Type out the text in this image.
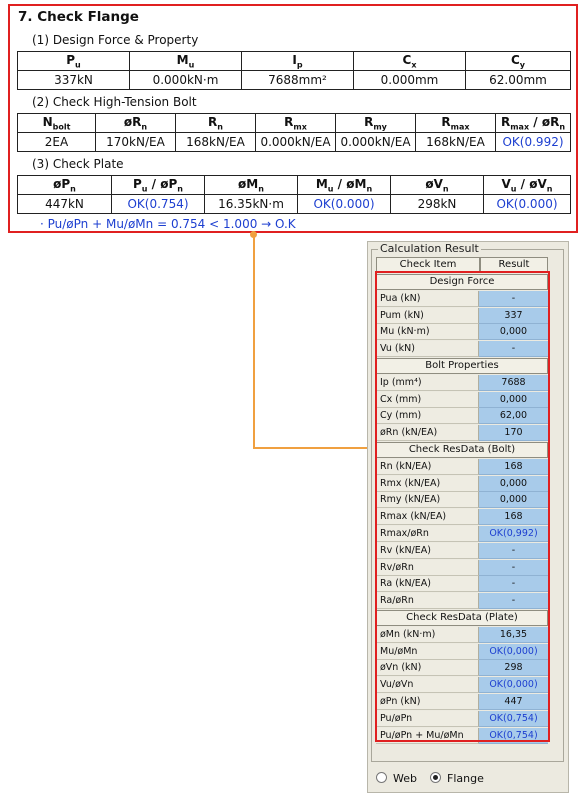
7. Check Flange
(1) Design Force & Property
$P_u$	$M_u$	$I_p$	$C_x$	$C_y$
337kN	0.000kN·m	7688mm²	0.000mm	62.00mm
(2) Check High-Tension Bolt
$N_{bolt}$	$øR_n$	$R_n$	$R_{mx}$	$R_{my}$	$R_{max}$	$R_{max}$ / $øR_n$
2EA	170kN/EA	168kN/EA	0.000kN/EA	0.000kN/EA	168kN/EA	OK(0.992)
(3) Check Plate
$øP_n$	$P_u$ / $øP_n$	$øM_n$	$M_u$ / $øM_n$	$øV_n$	$V_u$ / $øV_n$
447kN	OK(0.754)	16.35kN·m	OK(0.000)	298kN	OK(0.000)
· Pu/øPn + Mu/øMn = 0.754 < 1.000 → O.K
Calculation Result
Check Item	Result
Design Force
Pua (kN)	-
Pum (kN)	337
Mu (kN·m)	0,000
Vu (kN)	-
Bolt Properties
Ip (mm⁴)	7688
Cx (mm)	0,000
Cy (mm)	62,00
øRn (kN/EA)	170
Check ResData (Bolt)
Rn (kN/EA)	168
Rmx (kN/EA)	0,000
Rmy (kN/EA)	0,000
Rmax (kN/EA)	168
Rmax/øRn	OK(0,992)
Rv (kN/EA)	-
Rv/øRn	-
Ra (kN/EA)	-
Ra/øRn	-
Check ResData (Plate)
øMn (kN·m)	16,35
Mu/øMn	OK(0,000)
øVn (kN)	298
Vu/øVn	OK(0,000)
øPn (kN)	447
Pu/øPn	OK(0,754)
Pu/øPn + Mu/øMn	OK(0,754)
Web	Flange
